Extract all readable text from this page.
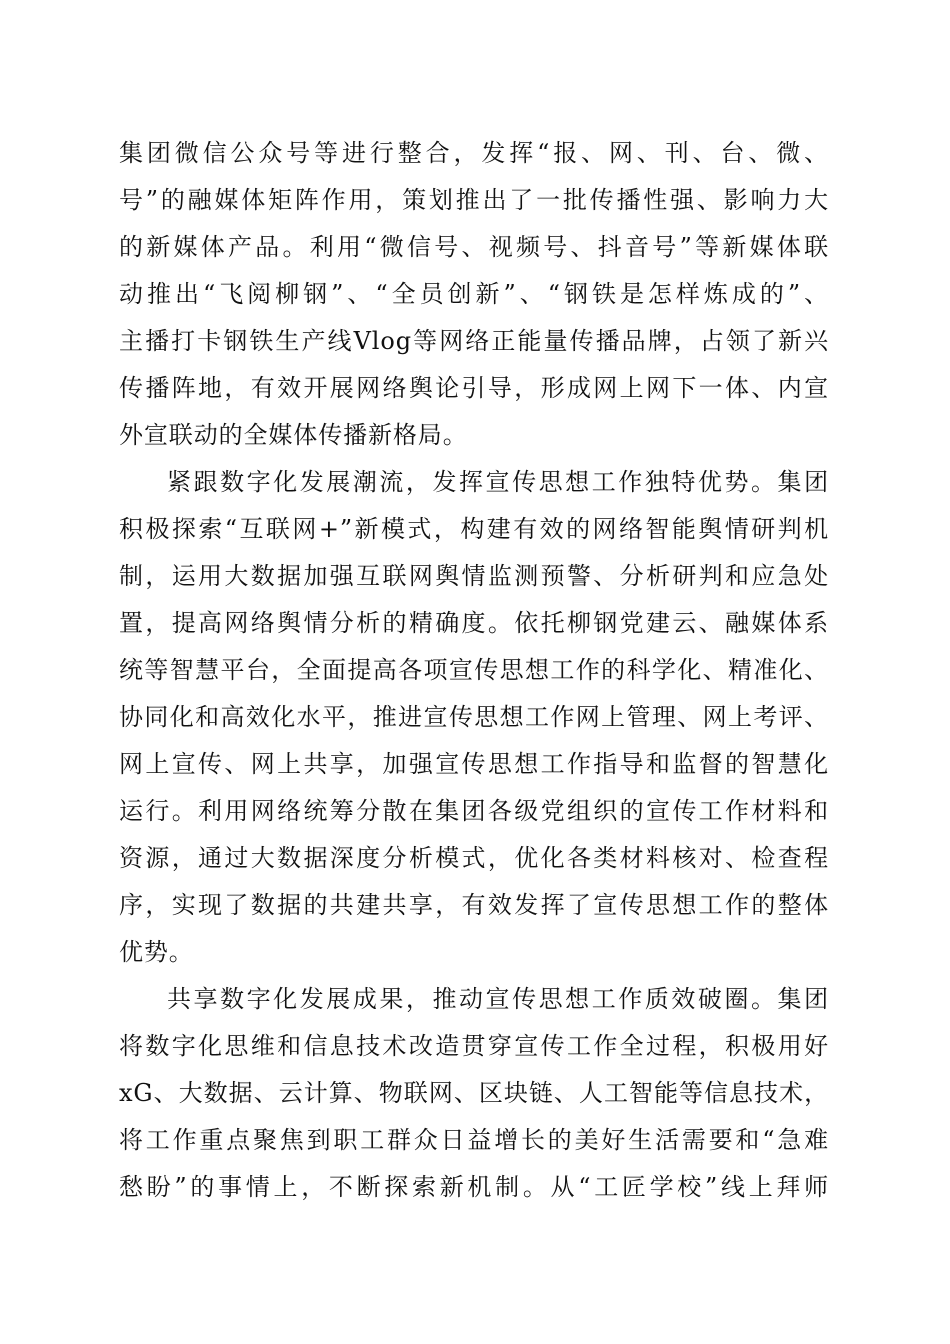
集团微信公众号等进行整合，发挥“报、网、刊、台、微、
号”的融媒体矩阵作用，策划推出了一批传播性强、影响力大
的新媒体产品。利用“微信号、视频号、抖音号”等新媒体联
动推出“飞阅柳钢”、“全员创新”、“钢铁是怎样炼成的”、
主播打卡钢铁生产线Vlog等网络正能量传播品牌，占领了新兴
传播阵地，有效开展网络舆论引导，形成网上网下一体、内宣
外宣联动的全媒体传播新格局。
紧跟数字化发展潮流，发挥宣传思想工作独特优势。集团
积极探索“互联网+”新模式，构建有效的网络智能舆情研判机
制，运用大数据加强互联网舆情监测预警、分析研判和应急处
置，提高网络舆情分析的精确度。依托柳钢党建云、融媒体系
统等智慧平台，全面提高各项宣传思想工作的科学化、精准化、
协同化和高效化水平，推进宣传思想工作网上管理、网上考评、
网上宣传、网上共享，加强宣传思想工作指导和监督的智慧化
运行。利用网络统筹分散在集团各级党组织的宣传工作材料和
资源，通过大数据深度分析模式，优化各类材料核对、检查程
序，实现了数据的共建共享，有效发挥了宣传思想工作的整体
优势。
共享数字化发展成果，推动宣传思想工作质效破圈。集团
将数字化思维和信息技术改造贯穿宣传工作全过程，积极用好
xG、大数据、云计算、物联网、区块链、人工智能等信息技术，
将工作重点聚焦到职工群众日益增长的美好生活需要和“急难
愁盼”的事情上，不断探索新机制。从“工匠学校”线上拜师
